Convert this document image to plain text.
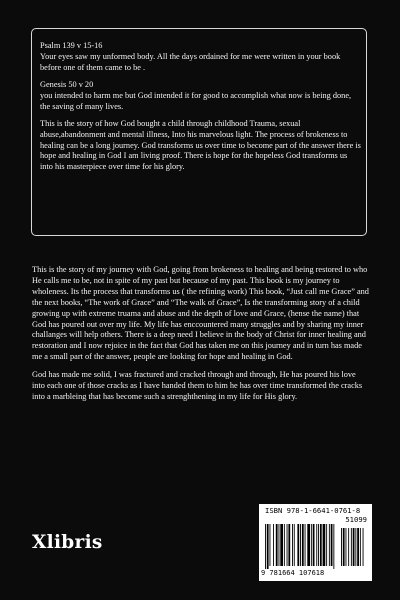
Psalm 139 v 15-16
Your eyes saw my unformed body. All the days ordained for me were written in your book before one of them came to be .

Genesis 50 v 20
you intended to harm me but God intended it for good to accomplish what now is being done, the saving of many lives.

This is the story of how God bought a child through childhood Trauma, sexual abuse,abandonment and mental illness, Into his marvelous light. The process of brokeness to healing can be a long journey. God transforms us over time to become part of the answer there is hope and healing in God I am living proof. There is hope for the hopeless God transforms us into his masterpiece over time for his glory.

This is the story of my journey with God, going from brokeness to healing and being restored to who He calls me to be, not in spite of my past but because of my past. This book is my journey to wholeness. Its the process that transforms us ( the refining work) This book, “Just call me Grace” and the next books, “The work of Grace” and “The walk of Grace”, Is the transforming story of a child growing up with extreme truama and abuse and the depth of love and Grace, (hense the name) that God has poured out over my life. My life has enccountered many struggles and by sharing my inner challanges will help others. There is a deep need I believe in the body of Christ for inner healing and restoration and I now rejoice in the fact that God has taken me on this journey and in turn has made me a small part of the answer, people are looking for hope and healing in God.

God has made me solid, I was fractured and cracked through and through, He has poured his love into each one of those cracks as I have handed them to him he has over time transformed the cracks into a marbleing that has become such a strenghthening in my life for His glory.

Xlibris
ISBN 978-1-6641-0761-8
51099
9 781664 107618
